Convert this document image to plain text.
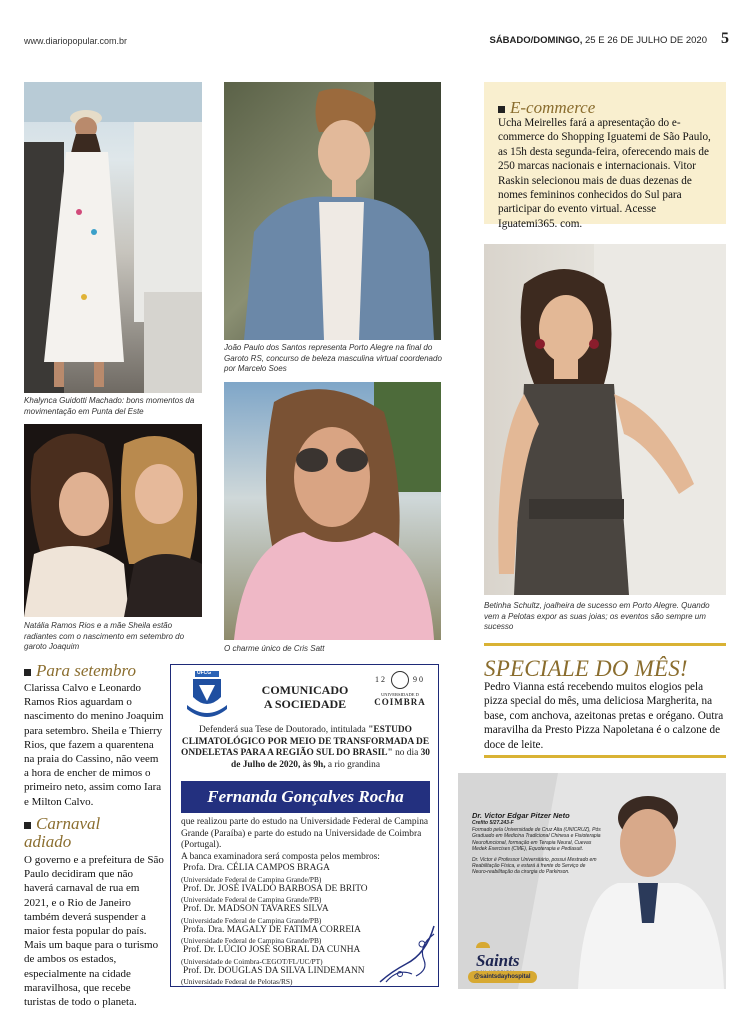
www.diariopopular.com.br	SÁBADO/DOMINGO, 25 E 26 DE JULHO DE 2020 5
Khalynca Guidotti Machado: bons momentos da movimentação em Punta del Este
João Paulo dos Santos representa Porto Alegre na final do Garoto RS, concurso de beleza masculina virtual coordenado por Marcelo Soes
Natália Ramos Rios e a mãe Sheila estão radiantes com o nascimento em setembro do garoto Joaquim	O charme único de Cris Satt
E-commerce
Ucha Meirelles fará a apresentação do e-commerce do Shopping Iguatemi de São Paulo, as 15h desta segunda-feira, oferecendo mais de 250 marcas nacionais e internacionais. Vitor Raskin selecionou mais de duas dezenas de nomes femininos conhecidos do Sul para participar do evento virtual. Acesse Iguatemi365. com.
Betinha Schultz, joalheira de sucesso em Porto Alegre. Quando vem a Pelotas expor as suas joias; os eventos são sempre um sucesso
Para setembro
Clarissa Calvo e Leonardo Ramos Rios aguardam o nascimento do menino Joaquim para setembro. Sheila e Thierry Rios, que fazem a quarentena na praia do Cassino, não veem a hora de encher de mimos o primeiro neto, assim como Iara e Milton Calvo.
Carnaval
adiado
O governo e a prefeitura de São Paulo decidiram que não haverá carnaval de rua em 2021, e o Rio de Janeiro também deverá suspender a maior festa popular do país. Mais um baque para o turismo de ambos os estados, especialmente na cidade maravilhosa, que recebe turistas de todo o planeta.
UFCG
COMUNICADO
A SOCIEDADE
12	90
UNIVERSIDADE D
COIMBRA
Defenderá sua Tese de Doutorado, intitulada "ESTUDO CLIMATOLÓGICO POR MEIO DE TRANSFORMADA DE ONDELETAS PARA A REGIÃO SUL DO BRASIL" no dia 30 de Julho de 2020, às 9h, a rio grandina
Fernanda Gonçalves Rocha
que realizou parte do estudo na Universidade Federal de Campina Grande (Paraíba) e parte do estudo na Universidade de Coimbra (Portugal).
A banca examinadora será composta pelos membros:
Profa. Dra. CÉLIA CAMPOS BRAGA
(Universidade Federal de Campina Grande/PB)
Prof. Dr. JOSÉ IVALDO BARBOSA DE BRITO
(Universidade Federal de Campina Grande/PB)
Prof. Dr. MADSON TAVARES SILVA
(Universidade Federal de Campina Grande/PB)
Profa. Dra. MAGALY DE FATIMA CORREIA
(Universidade Federal de Campina Grande/PB)
Prof. Dr. LÚCIO JOSÉ SOBRAL DA CUNHA
(Universidade de Coimbra-CEGOT/FL/UC/PT)
Prof. Dr. DOUGLAS DA SILVA LINDEMANN
(Universidade Federal de Pelotas/RS)
SPECIALE DO MÊS!
Pedro Vianna está recebendo muitos elogios pela pizza special do mês, uma deliciosa Margherita, na base, com anchova, azeitonas pretas e orégano. Outra maravilha da Presto Pizza Napoletana é o calzone de doce de leite.
Dr. Victor Edgar Pitzer Neto
Crefito 5/27.243-F
Formado pela Universidade de Cruz Alta (UNICRUZ), Pós Graduado em Medicina Tradicional Chinesa e Fisioterapia Neurofuncional, formação em Terapia Neural, Cuevas Medek Exercises (CME), Equoterapia e Pediasuit.
Dr. Victor é Professor Universitário, possui Mestrado em Reabilitação Física, e estará à frente do Serviço de Neuro-reabilitação da cirurgia do Parkinson.
Saints
@saintsdayhospital
